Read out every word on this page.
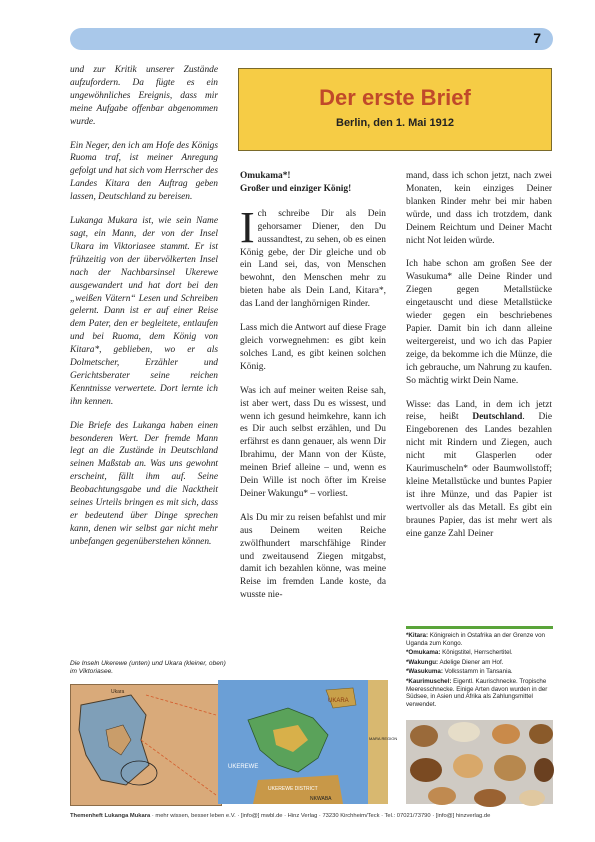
7

und zur Kritik unserer Zustände aufzufordern. Da fügte es ein ungewöhnliches Ereignis, dass mir meine Aufgabe offenbar abgenommen wurde.

Ein Neger, den ich am Hofe des Königs Ruoma traf, ist meiner Anregung gefolgt und hat sich vom Herrscher des Landes Kitara den Auftrag geben lassen, Deutschland zu bereisen.

Lukanga Mukara ist, wie sein Name sagt, ein Mann, der von der Insel Ukara im Viktoriasee stammt. Er ist frühzeitig von der übervölkerten Insel nach der Nachbarsinsel Ukerewe ausgewandert und hat dort bei den „weißen Vätern“ Lesen und Schreiben gelernt. Dann ist er auf einer Reise dem Pater, den er begleitete, entlaufen und bei Ruoma, dem König von Kitara*, geblieben, wo er als Dolmetscher, Erzähler und Gerichtsberater seine reichen Kenntnisse verwertete. Dort lernte ich ihn kennen.

Die Briefe des Lukanga haben einen besonderen Wert. Der fremde Mann legt an die Zustände in Deutschland seinen Maßstab an. Was uns gewohnt erscheint, fällt ihm auf. Seine Beobachtungsgabe und die Nacktheit seines Urteils bringen es mit sich, dass er bedeutend über Dinge sprechen kann, denen wir selbst gar nicht mehr unbefangen gegenüberstehen können.

Der erste Brief
Berlin, den 1. Mai 1912
Omukama*!
Großer und einziger König!

Ich schreibe Dir als Dein gehorsamer Diener, den Du aussandtest, zu sehen, ob es einen König gebe, der Dir gleiche und ob ein Land sei, das, von Menschen bewohnt, den Menschen mehr zu bieten habe als Dein Land, Kitara*, das Land der langhörnigen Rinder.

Lass mich die Antwort auf diese Frage gleich vorwegnehmen: es gibt kein solches Land, es gibt keinen solchen König.

Was ich auf meiner weiten Reise sah, ist aber wert, dass Du es wissest, und wenn ich gesund heimkehre, kann ich es Dir auch selbst erzählen, und Du erfährst es dann genauer, als wenn Dir Ibrahimu, der Mann von der Küste, meinen Brief alleine – und, wenn es Dein Wille ist noch öfter im Kreise Deiner Wakungu* – vorliest.

Als Du mir zu reisen befahlst und mir aus Deinem weiten Reiche zwölfhundert marschfähige Rinder und zweitausend Ziegen mitgabst, damit ich bezahlen könne, was meine Reise im fremden Lande koste, da wusste nie-

mand, dass ich schon jetzt, nach zwei Monaten, kein einziges Deiner blanken Rinder mehr bei mir haben würde, und dass ich trotzdem, dank Deinem Reichtum und Deiner Macht nicht Not leiden würde.

Ich habe schon am großen See der Wasukuma* alle Deine Rinder und Ziegen gegen Metallstücke eingetauscht und diese Metallstücke wieder gegen ein beschriebenes Papier. Damit bin ich dann alleine weitergereist, und wo ich das Papier zeige, da bekomme ich die Münze, die ich gebrauche, um Nahrung zu kaufen. So mächtig wirkt Dein Name.

Wisse: das Land, in dem ich jetzt reise, heißt Deutschland. Die Eingeborenen des Landes bezahlen nicht mit Rindern und Ziegen, auch nicht mit Glasperlen oder Kaurimuscheln* oder Baumwollstoff; kleine Metallstücke und buntes Papier ist ihre Münze, und das Papier ist wertvoller als das Metall. Es gibt ein braunes Papier, das ist mehr wert als eine ganze Zahl Deiner

*Kitara: Königreich in Ostafrika an der Grenze von Uganda zum Kongo.
*Omukama: Königstitel, Herrschertitel.
*Wakungu: Adelige Diener am Hof.
*Wasukuma: Volksstamm in Tansania.
*Kaurimuschel: Eigentl. Kaurischnecke. Tropische Meeresschnecke. Einige Arten davon wurden in der Südsee, in Asien und Afrika als Zahlungsmittel verwendet.
Die Inseln Ukerewe (unten) und Ukara (kleiner, oben) im Viktoriasee.
Ukara
UKARA
UKEREWE
UKEREWE DISTRICT
NKWABA
MARA REGION
Themenheft Lukanga Mukara · mehr wissen, besser leben e.V. · [info@] mwbl.de · Hinz Verlag · 73230 Kirchheim/Teck · Tel.: 07021/73790 · [info@] hinzverlag.de
